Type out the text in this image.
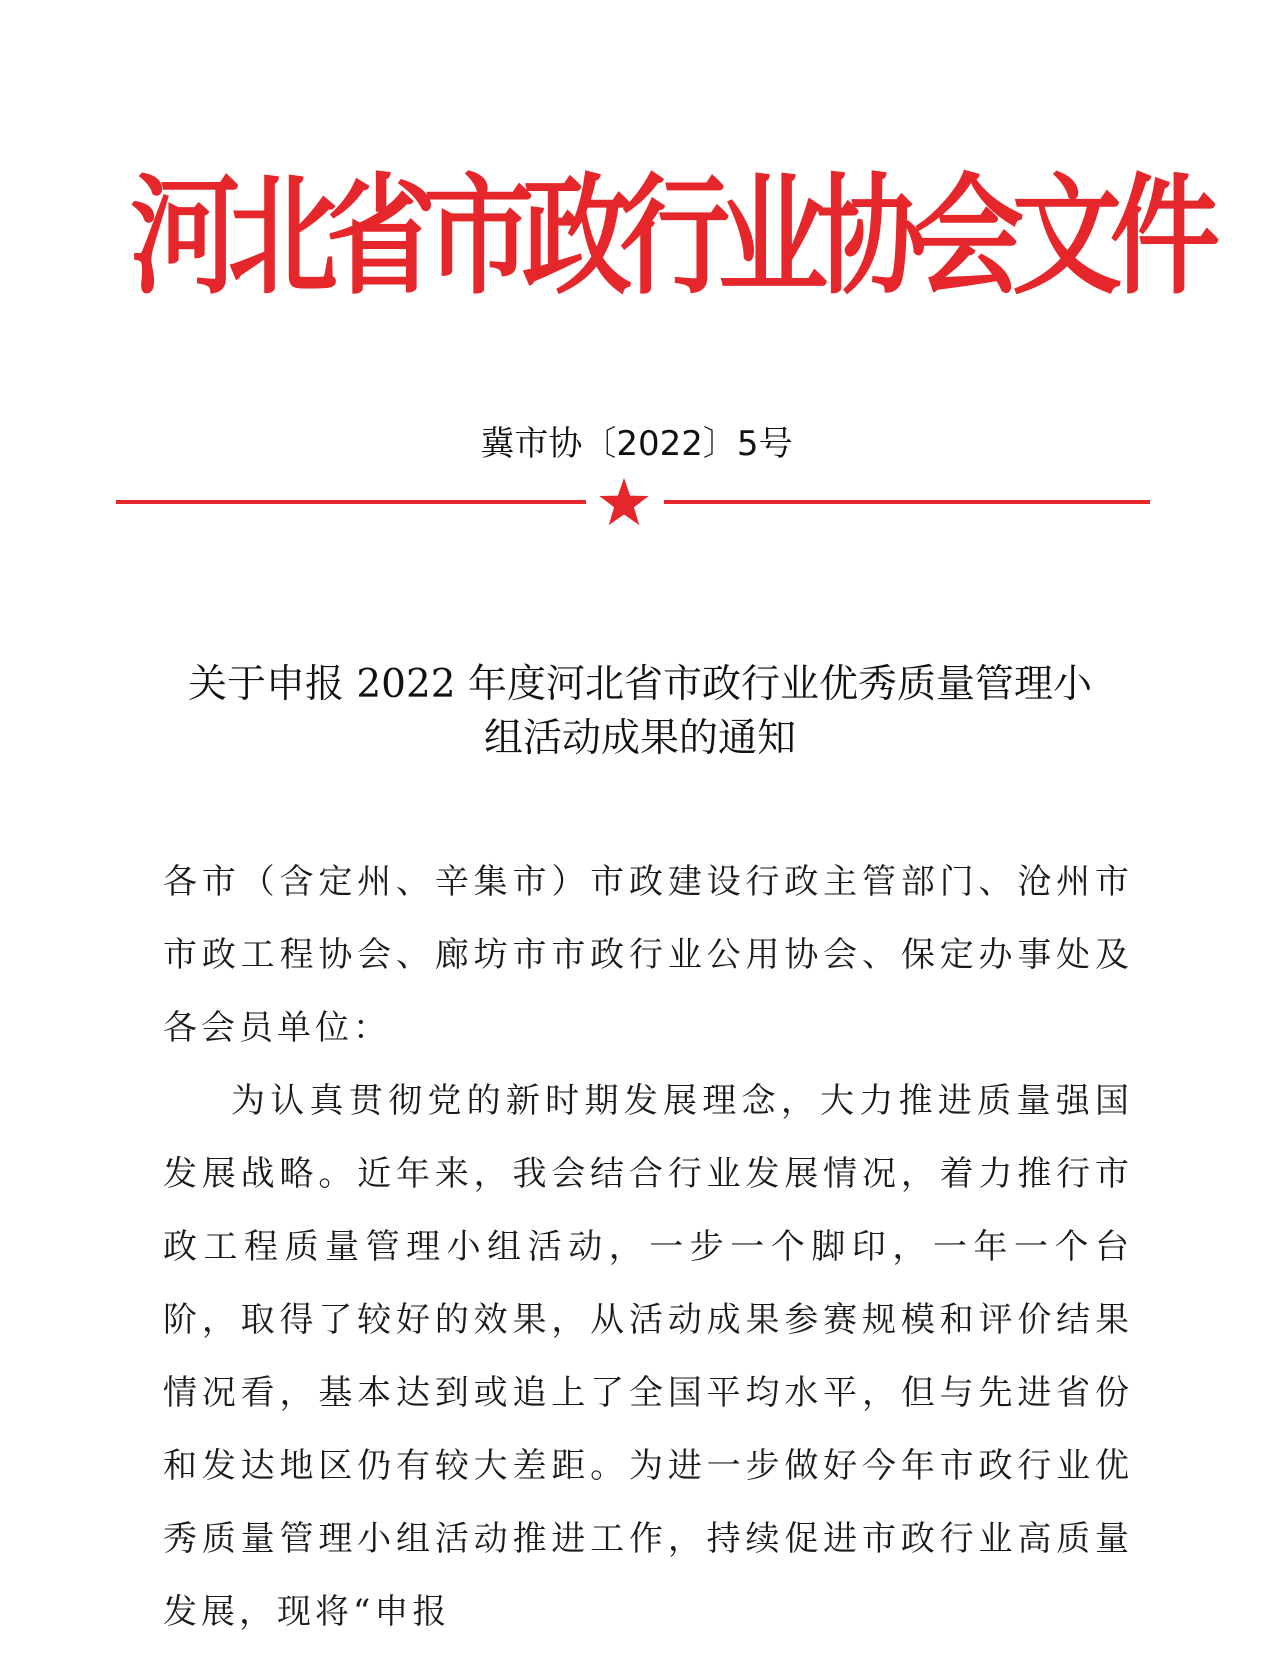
河北省市政行业协会文件
冀市协〔2022〕5号
关于申报 2022 年度河北省市政行业优秀质量管理小
组活动成果的通知

各市（含定州、辛集市）市政建设行政主管部门、沧州市市政工程协会、廊坊市市政行业公用协会、保定办事处及各会员单位：

为认真贯彻党的新时期发展理念，大力推进质量强国发展战略。近年来，我会结合行业发展情况，着力推行市政工程质量管理小组活动，一步一个脚印，一年一个台阶，取得了较好的效果，从活动成果参赛规模和评价结果情况看，基本达到或追上了全国平均水平，但与先进省份和发达地区仍有较大差距。为进一步做好今年市政行业优秀质量管理小组活动推进工作，持续促进市政行业高质量发展，现将“申报
